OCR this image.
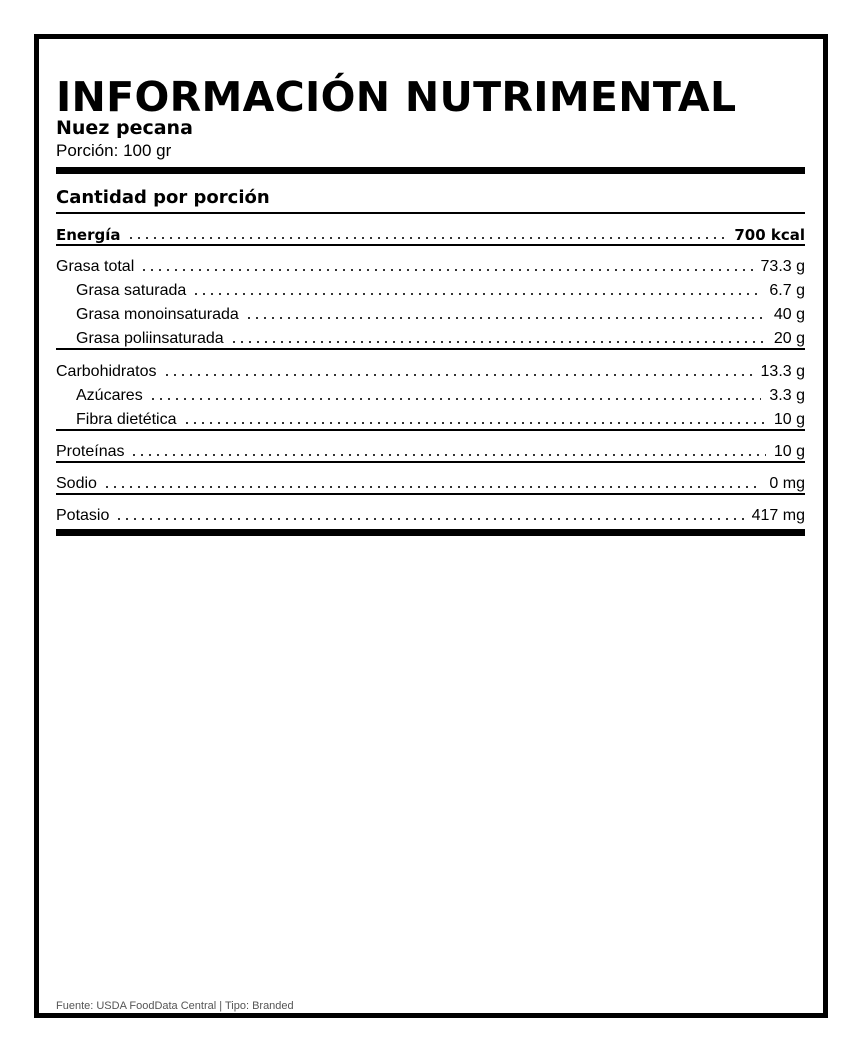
INFORMACIÓN NUTRIMENTAL
Nuez pecana
Porción: 100 gr
Cantidad por porción
Energía	700 kcal
Grasa total	73.3 g
Grasa saturada	6.7 g
Grasa monoinsaturada	40 g
Grasa poliinsaturada	20 g
Carbohidratos	13.3 g
Azúcares	3.3 g
Fibra dietética	10 g
Proteínas	10 g
Sodio	0 mg
Potasio	417 mg
Fuente: USDA FoodData Central | Tipo: Branded
